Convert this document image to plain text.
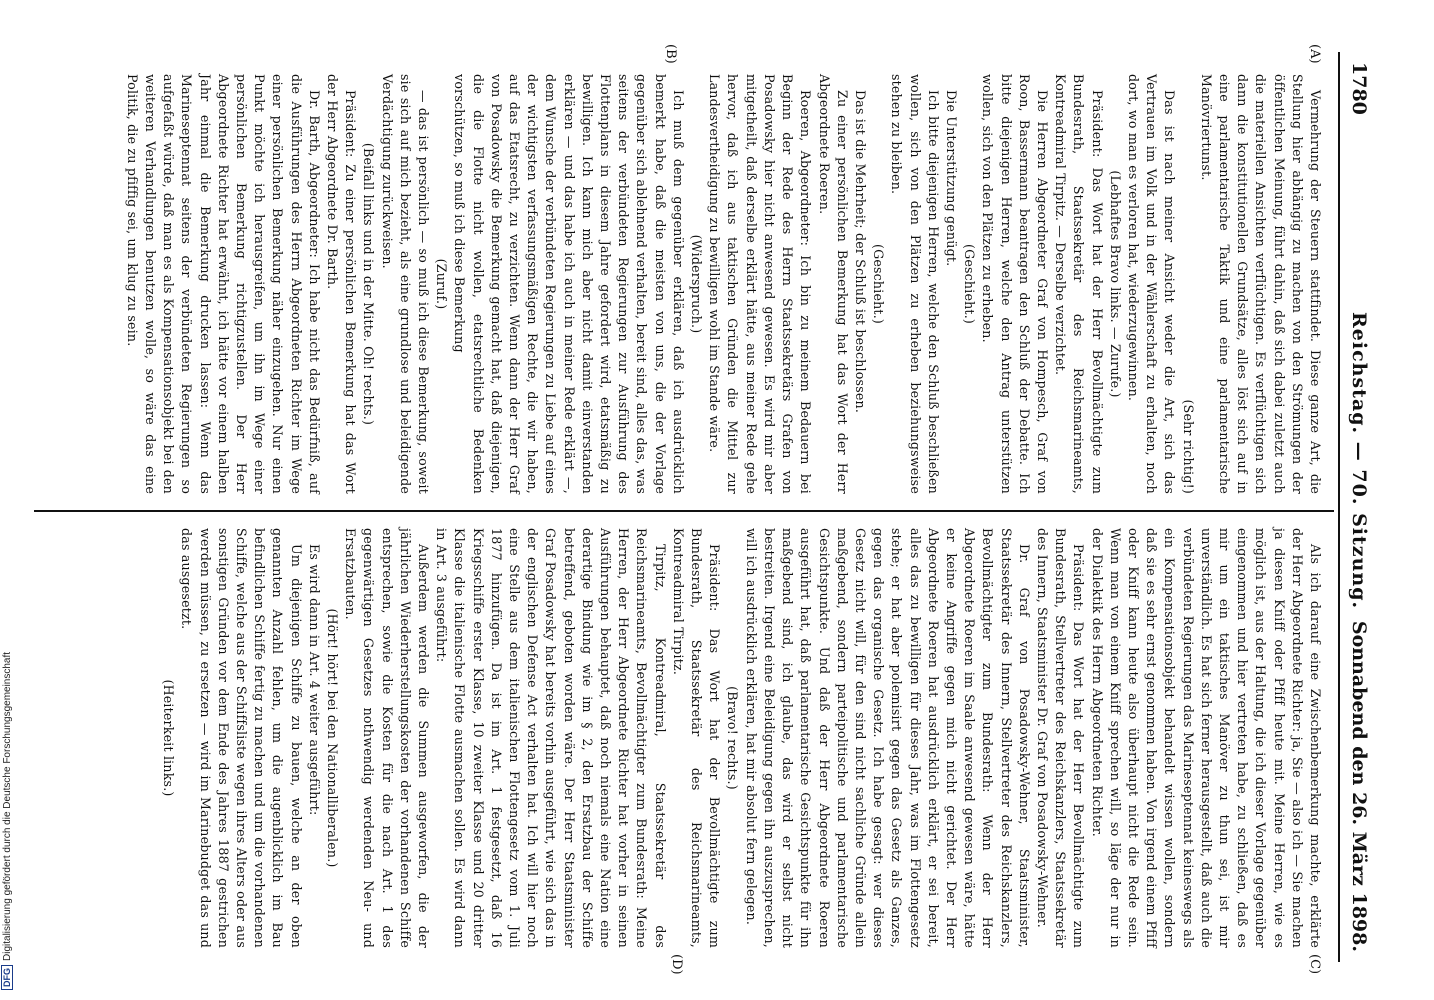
1780
Reichstag. — 70. Sitzung.
Sonnabend den 26. März 1898.
(A)
(B)
(C)
(D)

Vermehrung der Steuern stattfindet. Diese ganze Art, die Stellung hier abhängig zu machen von den Strömungen der öffentlichen Meinung, führt dahin, daß sich dabei zuletzt auch die materiellen Ansichten verflüchtigen. Es verflüchtigen sich dann die konstitutionellen Grundsätze, alles löst sich auf in eine parlamentarische Taktik und eine parlamentarische Manövriertunst.

(Sehr richtig!)

Das ist nach meiner Ansicht weder die Art, sich das Vertrauen im Volk und in der Wählerschaft zu erhalten, noch dort, wo man es verloren hat, wiederzugewinnen.

(Lebhaftes Bravo links. — Zurufe.)

Präsident: Das Wort hat der Herr Bevollmächtigte zum Bundesrath, Staatssekretär des Reichsmarineamts, Kontreadmiral Tirpitz. — Derselbe verzichtet.

Die Herren Abgeordneter Graf von Hompesch, Graf von Roon, Bassermann beantragen den Schluß der Debatte. Ich bitte diejenigen Herren, welche den Antrag unterstützen wollen, sich von den Plätzen zu erheben.

(Geschieht.)

Die Unterstützung genügt.

Ich bitte diejenigen Herren, welche den Schluß beschließen wollen, sich von den Plätzen zu erheben beziehungsweise stehen zu bleiben.

(Geschieht.)

Das ist die Mehrheit; der Schluß ist beschlossen.

Zu einer persönlichen Bemerkung hat das Wort der Herr Abgeordnete Roeren.

Roeren, Abgeordneter: Ich bin zu meinem Bedauern bei Beginn der Rede des Herrn Staatssekretärs Grafen von Posadowsky hier nicht anwesend gewesen. Es wird mir aber mitgetheilt, daß derselbe erklärt hätte, aus meiner Rede gehe hervor, daß ich aus taktischen Gründen die Mittel zur Landesvertheidigung zu bewilligen wohl im Stande wäre.

(Widerspruch.)

Ich muß dem gegenüber erklären, daß ich ausdrücklich bemerkt habe, daß die meisten von uns, die der Vorlage gegenüber sich ablehnend verhalten, bereit sind, alles das, was seitens der verbündeten Regierungen zur Ausführung des Flottenplans in diesem Jahre gefordert wird, etatsmäßig zu bewilligen. Ich kann mich aber nicht damit einverstanden erklären — und das habe ich auch in meiner Rede erklärt —, dem Wunsche der verbündeten Regierungen zu Liebe auf eines der wichtigsten verfassungsmäßigen Rechte, die wir haben, auf das Etatsrecht, zu verzichten. Wenn dann der Herr Graf von Posadowsky die Bemerkung gemacht hat, daß diejenigen, die die Flotte nicht wollen, etatsrechtliche Bedenken vorschützen, so muß ich diese Bemerkung

(Zuruf.)

— das ist persönlich — so muß ich diese Bemerkung, soweit sie sich auf mich bezieht, als eine grundlose und beleidigende Verdächtigung zurückweisen.

(Beifall links und in der Mitte. Oh! rechts.)

Präsident: Zu einer persönlichen Bemerkung hat das Wort der Herr Abgeordnete Dr. Barth.

Dr. Barth, Abgeordneter: Ich habe nicht das Bedürfniß, auf die Ausführungen des Herrn Abgeordneten Richter im Wege einer persönlichen Bemerkung näher einzugehen. Nur einen Punkt möchte ich herausgreifen, um ihn im Wege einer persönlichen Bemerkung richtigzustellen. Der Herr Abgeordnete Richter hat erwähnt, ich hätte vor einem halben Jahr einmal die Bemerkung drucken lassen: Wenn das Marineseptennat seitens der verbündeten Regierungen so aufgefaßt würde, daß man es als Kompensationsobjekt bei den weiteren Verhandlungen benutzen wolle, so wäre das eine Politik, die zu pfiffig sei, um klug zu sein.

Als ich darauf eine Zwischenbemerkung machte, erklärte der Herr Abgeordnete Richter: ja, Sie — also ich — Sie machen ja diesen Kniff oder Pfiff heute mit. Meine Herren, wie es möglich ist, aus der Haltung, die ich dieser Vorlage gegenüber eingenommen und hier vertreten habe, zu schließen, daß es mir um ein taktisches Manöver zu thun sei, ist mir unverständlich. Es hat sich ferner herausgestellt, daß auch die verbündeten Regierungen das Marineseptennat keineswegs als ein Kompensationsobjekt behandelt wissen wollen, sondern daß sie es sehr ernst genommen haben. Von irgend einem Pfiff oder Kniff kann heute also überhaupt nicht die Rede sein. Wenn man von einem Kniff sprechen will, so läge der nur in der Dialektik des Herrn Abgeordneten Richter.

Präsident: Das Wort hat der Herr Bevollmächtigte zum Bundesrath, Stellvertreter des Reichskanzlers, Staatssekretär des Innern, Staatsminister Dr. Graf von Posadowsky-Wehner.

Dr. Graf von Posadowsky-Wehner, Staatsminister, Staatssekretär des Innern, Stellvertreter des Reichskanzlers, Bevollmächtigter zum Bundesrath: Wenn der Herr Abgeordnete Roeren im Saale anwesend gewesen wäre, hätte er keine Angriffe gegen mich nicht gerichtet. Der Herr Abgeordnete Roeren hat ausdrücklich erklärt, er sei bereit, alles das zu bewilligen für dieses Jahr, was im Flottengesetz stehe; er hat aber polemisirt gegen das Gesetz als Ganzes, gegen das organische Gesetz. Ich habe gesagt: wer dieses Gesetz nicht will, für den sind nicht sachliche Gründe allein maßgebend, sondern parteipolitische und parlamentarische Gesichtspunkte. Und daß der Herr Abgeordnete Roeren ausgeführt hat, daß parlamentarische Gesichtspunkte für ihn maßgebend sind, ich glaube, das wird er selbst nicht bestreiten. Irgend eine Beleidigung gegen ihn auszusprechen, will ich ausdrücklich erklären, hat mir absolut fern gelegen.

(Bravo! rechts.)

Präsident: Das Wort hat der Bevollmächtigte zum Bundesrath, Staatssekretär des Reichsmarineamts, Kontreadmiral Tirpitz.

Tirpitz, Kontreadmiral, Staatssekretär des Reichsmarineamts, Bevollmächtigter zum Bundesrath: Meine Herren, der Herr Abgeordnete Richter hat vorher in seinen Ausführungen behauptet, daß noch niemals eine Nation eine derartige Bindung wie im § 2, den Ersatzbau der Schiffe betreffend, geboten worden wäre. Der Herr Staatsminister Graf Posadowsky hat bereits vorhin ausgeführt, wie sich das in der englischen Defense Act verhalten hat. Ich will hier noch eine Stelle aus dem italienischen Flottengesetz vom 1. Juli 1877 hinzufügen. Da ist im Art. 1 festgesetzt, daß 16 Kriegsschiffe erster Klasse, 10 zweiter Klasse und 20 dritter Klasse die italienische Flotte ausmachen sollen. Es wird dann in Art. 3 ausgeführt:

Außerdem werden die Summen ausgeworfen, die der jährlichen Wiederherstellungskosten der vorhandenen Schiffe entsprechen, sowie die Kosten für die nach Art. 1 des gegenwärtigen Gesetzes nothwendig werdenden Neu- und Ersatzbauten.

(Hört! hört! bei den Nationalliberalen.)

Es wird dann in Art. 4 weiter ausgeführt:

Um diejenigen Schiffe zu bauen, welche an der oben genannten Anzahl fehlen, um die augenblicklich im Bau befindlichen Schiffe fertig zu machen und um die vorhandenen Schiffe, welche aus der Schiffsliste wegen ihres Alters oder aus sonstigen Gründen vor dem Ende des Jahres 1887 gestrichen werden müssen, zu ersetzen — wird im Marinebudget das und das ausgesetzt.

(Heiterkeit links.)

DFGDigitalisierung gefördert durch die Deutsche Forschungsgemeinschaft
